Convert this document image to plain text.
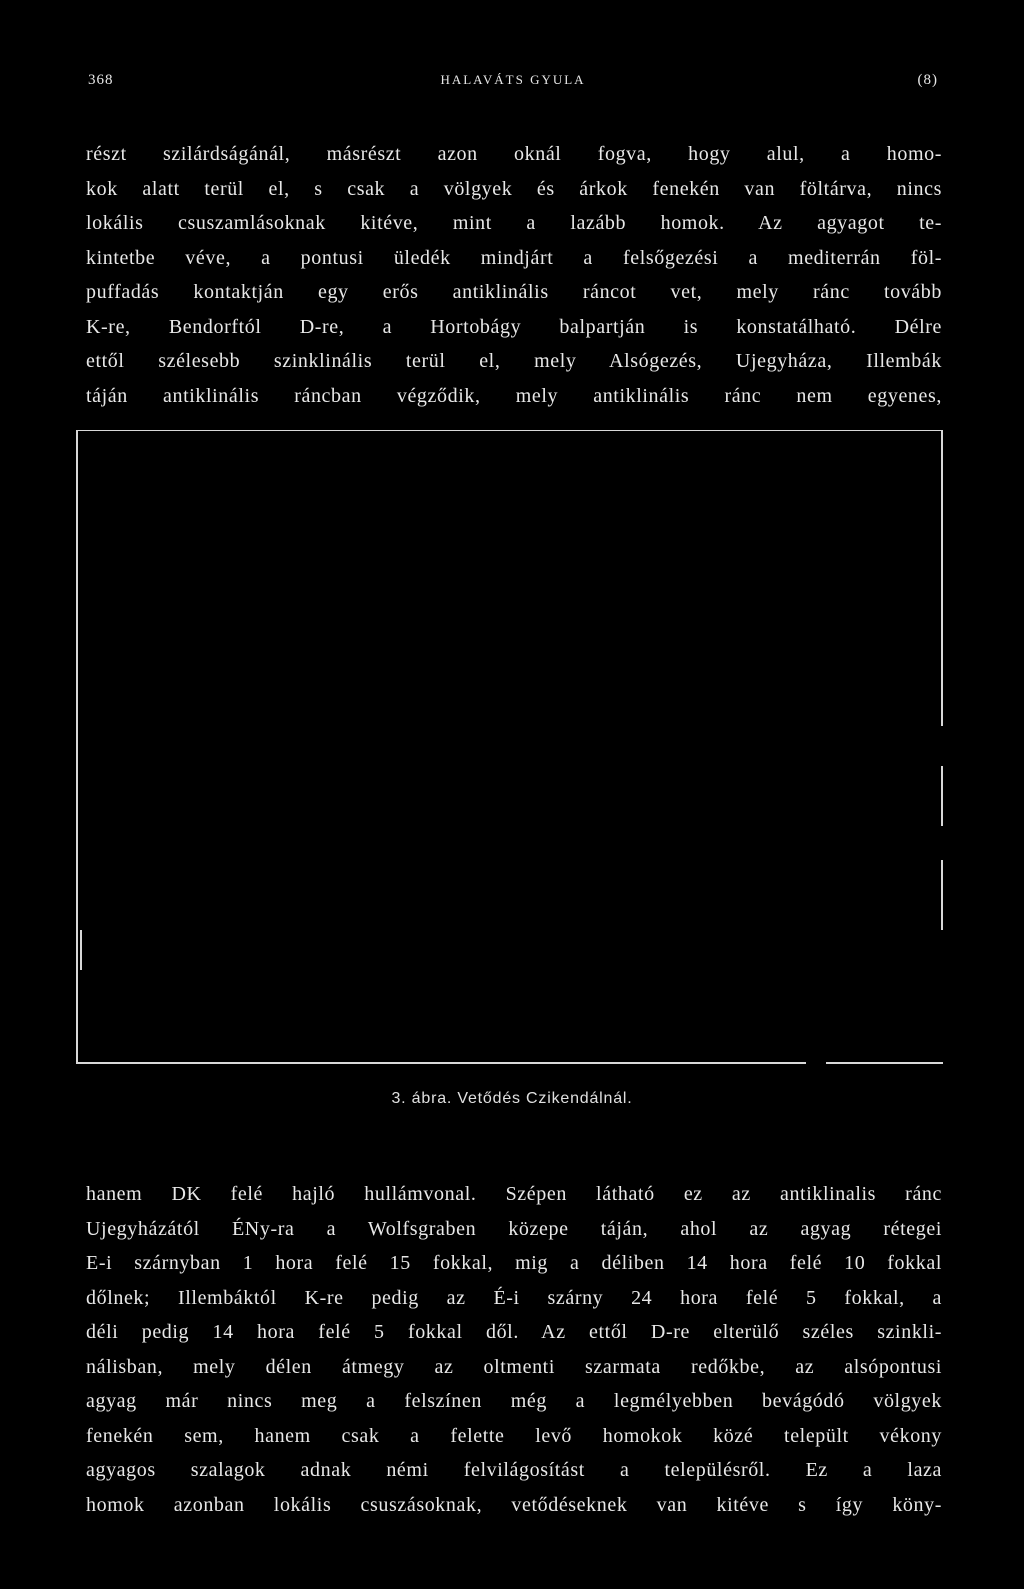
368	HALAVÁTS GYULA	(8)
részt szilárdságánál, másrészt azon oknál fogva, hogy alul, a homo-
kok alatt terül el, s csak a völgyek és árkok fenekén van föltárva, nincs
lokális csuszamlásoknak kitéve, mint a lazább homok. Az agyagot te-
kintetbe véve, a pontusi üledék mindjárt a felsőgezési a mediterrán föl-
puffadás kontaktján egy erős antiklinális ráncot vet, mely ránc tovább
K-re, Bendorftól D-re, a Hortobágy balpartján is konstatálható. Délre
ettől szélesebb szinklinális terül el, mely Alsógezés, Ujegyháza, Illembák
táján antiklinális ráncban végződik, mely antiklinális ránc nem egyenes,
3. ábra. Vetődés Czikendálnál.
hanem DK felé hajló hullámvonal. Szépen látható ez az antiklinalis ránc
Ujegyházától ÉNy-ra a Wolfsgraben közepe táján, ahol az agyag rétegei
E-i szárnyban 1 hora felé 15 fokkal, mig a déliben 14 hora felé 10 fokkal
dőlnek; Illembáktól K-re pedig az É-i szárny 24 hora felé 5 fokkal, a
déli pedig 14 hora felé 5 fokkal dől. Az ettől D-re elterülő széles szinkli-
nálisban, mely délen átmegy az oltmenti szarmata redőkbe, az alsópontusi
agyag már nincs meg a felszínen még a legmélyebben bevágódó völgyek
fenekén sem, hanem csak a felette levő homokok közé települt vékony
agyagos szalagok adnak némi felvilágosítást a településről. Ez a laza
homok azonban lokális csuszásoknak, vetődéseknek van kitéve s így köny-
